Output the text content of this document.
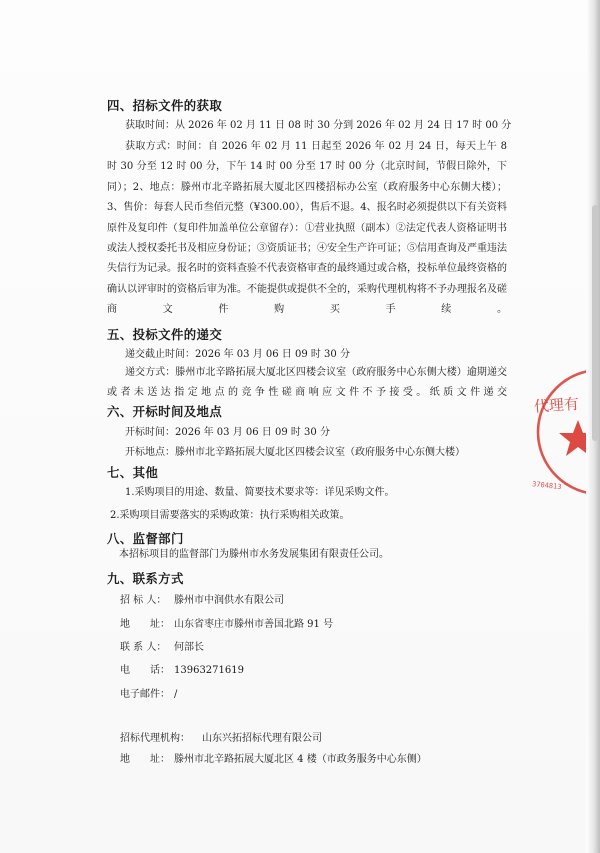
四、招标文件的获取
获取时间：从 2026 年 02 月 11 日 08 时 30 分到 2026 年 02 月 24 日 17 时 00 分
获取方式：时间：自 2026 年 02 月 11 日起至 2026 年 02 月 24 日，每天上午 8 时 30 分至 12 时 00 分，下午 14 时 00 分至 17 时 00 分（北京时间，节假日除外，下同）；2、地点：滕州市北辛路拓展大厦北区四楼招标办公室（政府服务中心东侧大楼）；3、售价：每套人民币叁佰元整（¥300.00），售后不退。4、报名时必须提供以下有关资料原件及复印件（复印件加盖单位公章留存）：①营业执照（副本）②法定代表人资格证明书或法人授权委托书及相应身份证；③资质证书；④安全生产许可证；⑤信用查询及严重违法失信行为记录。报名时的资料查验不代表资格审查的最终通过或合格，投标单位最终资格的确认以评审时的资格后审为准。不能提供或提供不全的，采购代理机构将不予办理报名及磋商文件购买手续。
五、投标文件的递交
递交截止时间：2026 年 03 月 06 日 09 时 30 分
递交方式：滕州市北辛路拓展大厦北区四楼会议室（政府服务中心东侧大楼）逾期递交或者未送达指定地点的竞争性磋商响应文件不予接受。纸质文件递交
六、开标时间及地点
开标时间：2026 年 03 月 06 日 09 时 30 分
开标地点：滕州市北辛路拓展大厦北区四楼会议室（政府服务中心东侧大楼）
七、其他
1.采购项目的用途、数量、简要技术要求等：详见采购文件。
2.采购项目需要落实的采购政策：执行采购相关政策。
八、监督部门
本招标项目的监督部门为滕州市水务发展集团有限责任公司。
九、联系方式
招 标 人： 滕州市中润供水有限公司
地　　址： 山东省枣庄市滕州市善国北路 91 号
联 系 人： 何部长
电　　话： 13963271619
电子邮件： /
招标代理机构： 山东兴拓招标代理有限公司
地　　址： 滕州市北辛路拓展大厦北区 4 楼（市政务服务中心东侧）
代理有
3704813
